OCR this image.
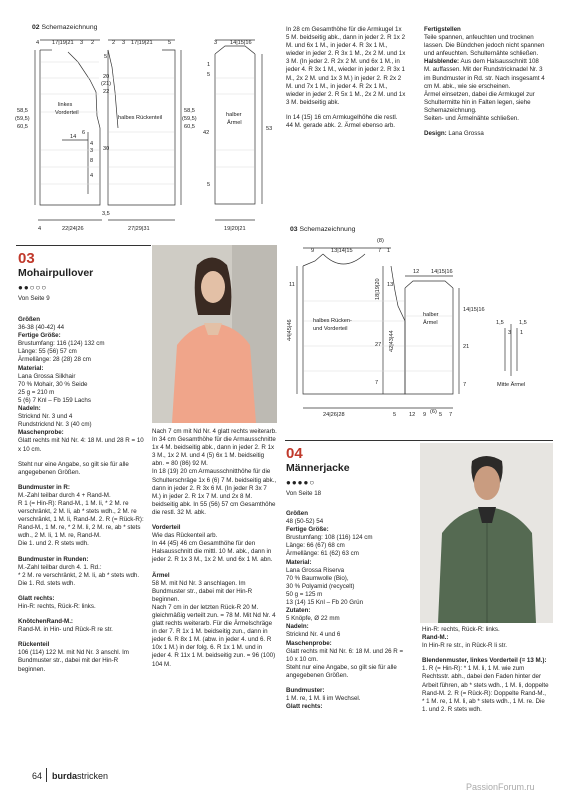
02 Schemazeichnung
4 17|19|21 3 2
5
20
(21)
22
58,5
(59,5)
60,5
linkes
Vorderteil
6
14
4
3
8
30
4
3,5
4	22|24|26
2 3 17|19|21	5
halbes Rückenteil
58,5
(59,5)
60,5
27|29|31
3 14|15|16
1
5
42
5
halber
Ärmel
53
19|20|21

In 28 cm Gesamthöhe für die Armkugel 1x 5 M. beidseitig abk., dann in jeder 2. R 1x 2 M. und 6x 1 M., in jeder 4. R 3x 1 M., wieder in jeder 2. R 3x 1 M., 2x 2 M. und 1x 3 M. (In jeder 2. R 2x 2 M. und 6x 1 M., in jeder 4. R 3x 1 M., wieder in jeder 2. R 3x 1 M., 2x 2 M. und 1x 3 M.) in jeder 2. R 2x 2 M. und 7x 1 M., in jeder 4. R 2x 1 M., wieder in jeder 2. R 5x 1 M., 2x 2 M. und 1x 3 M. beidseitig abk.

In 14 (15) 16 cm Armkugelhöhe die restl. 44 M. gerade abk. 2. Ärmel ebenso arb.

Fertigstellen

Teile spannen, anfeuchten und trocknen lassen. Die Bündchen jedoch nicht spannen und anfeuchten. Schulternähte schließen.

Halsblende: Aus dem Halsausschnitt 108 M. auffassen. Mit der Rundstricknadel Nr. 3 im Bundmuster in Rd. str. Nach insgesamt 4 cm M. abk., wie sie erscheinen.

Ärmel einsetzen, dabei die Armkugel zur Schultermitte hin in Falten legen, siehe Schemazeichnung.

Seiten- und Ärmelnähte schließen.

Design: Lana Grossa

03 Schemazeichnung
(8)
9	13|14|15	7 1
44|45|46
11
halbes Rücken-
und Vorderteil
18|19|20 13
27 42|43|44
7
24|26|28	5
12 14|15|16
halber
Ärmel
14|15|16
21
7
12 9 5 7
1,5	1,5
3 1
Mitte Ärmel
(6)
03
Mohairpullover
●●○○○
Von Seite 9

Größen
36-38 (40-42) 44
Fertige Größe:
Brustumfang: 116 (124) 132 cm
Länge: 55 (56) 57 cm
Ärmellänge: 28 (28) 28 cm
Material:
Lana Grossa Silkhair
70 % Mohair, 30 % Seide
25 g = 210 m
5 (6) 7 Knl – Fb 159 Lachs
Nadeln:
Stricknd Nr. 3 und 4
Rundstricknd Nr. 3 (40 cm)
Maschenprobe:
Glatt rechts mit Nd Nr. 4: 18 M. und 28 R = 10 x 10 cm.

Steht nur eine Angabe, so gilt sie für alle angegebenen Größen.

Bundmuster in R:
M.-Zahl teilbar durch 4 + Rand-M.
R 1 (= Hin-R): Rand-M., 1 M. li, * 2 M. re verschränkt, 2 M. li, ab * stets wdh., 2 M. re verschränkt, 1 M. li, Rand-M. 2. R (= Rück-R): Rand-M., 1 M. re, * 2 M. li, 2 M. re, ab * stets wdh., 2 M. li, 1 M. re, Rand-M.
Die 1. und 2. R stets wdh.

Bundmuster in Runden:
M.-Zahl teilbar durch 4. 1. Rd.:
* 2 M. re verschränkt, 2 M. li, ab * stets wdh. Die 1. Rd. stets wdh.

Glatt rechts:
Hin-R: rechts, Rück-R: links.

KnötchenRand-M.:
Rand-M. in Hin- und Rück-R re str.

Rückenteil
106 (114) 122 M. mit Nd Nr. 3 anschl. Im Bundmuster str., dabei mit der Hin-R beginnen.

Nach 7 cm mit Nd Nr. 4 glatt rechts weiterarb. In 34 cm Gesamthöhe für die Armausschnitte 1x 4 M. beidseitig abk., dann in jeder 2. R 1x 3 M., 1x 2 M. und 4 (5) 6x 1 M. beidseitig abn. = 80 (86) 92 M.
In 18 (19) 20 cm Armausschnitthöhe für die Schulterschräge 1x 6 (6) 7 M. beidseitig abk., dann in jeder 2. R 3x 6 M. (In jeder R 3x 7 M.) in jeder 2. R 1x 7 M. und 2x 8 M. beidseitig abk. In 55 (56) 57 cm Gesamthöhe die restl. 32 M. abk.

Vorderteil
Wie das Rückenteil arb.
In 44 (45) 46 cm Gesamthöhe für den Halsausschnitt die mittl. 10 M. abk., dann in jeder 2. R 1x 3 M., 1x 2 M. und 6x 1 M. abn.

Ärmel
58 M. mit Nd Nr. 3 anschlagen. Im Bundmuster str., dabei mit der Hin-R beginnen.
Nach 7 cm in der letzten Rück-R 20 M. gleichmäßig verteilt zun. = 78 M. Mit Nd Nr. 4 glatt rechts weiterarb. Für die Ärmelschräge in der 7. R 1x 1 M. beidseitig zun., dann in jeder 6. R 8x 1 M. (abw. in jeder 4. und 6. R 10x 1 M.) in der folg. 6. R 1x 1 M. und in jeder 4. R 11x 1 M. beidseitig zun. = 96 (100) 104 M.

04
Männerjacke
●●●●○
Von Seite 18

Größen

48 (50-52) 54

Fertige Größe:

Brustumfang: 108 (116) 124 cm
Länge: 66 (67) 68 cm
Ärmellänge: 61 (62) 63 cm

Material:

Lana Grossa Riserva
70 % Baumwolle (Bio),
30 % Polyamid (recycelt)
50 g = 125 m
13 (14) 15 Knl – Fb 20 Grün

Zutaten:

5 Knöpfe, Ø 22 mm

Nadeln:

Stricknd Nr. 4 und 6

Maschenprobe:

Glatt rechts mit Nd Nr. 6: 18 M. und 26 R = 10 x 10 cm.
Steht nur eine Angabe, so gilt sie für alle angegebenen Größen.

Bundmuster:

1 M. re, 1 M. li im Wechsel.

Glatt rechts:

Hin-R: rechts, Rück-R: links.

Rand-M.:

In Hin-R re str., in Rück-R li str.

Blendenmuster, linkes Vorderteil (= 13 M.): 1. R (= Hin-R): * 1 M. li, 1 M. wie zum Rechtsstr. abh., dabei den Faden hinter der Arbeit führen, ab * stets wdh., 1 M. li, doppelte Rand-M. 2. R (= Rück-R): Doppelte Rand-M., * 1 M. re, 1 M. li, ab * stets wdh., 1 M. re. Die 1. und 2. R stets wdh.

64 burdastricken
PassionForum.ru
